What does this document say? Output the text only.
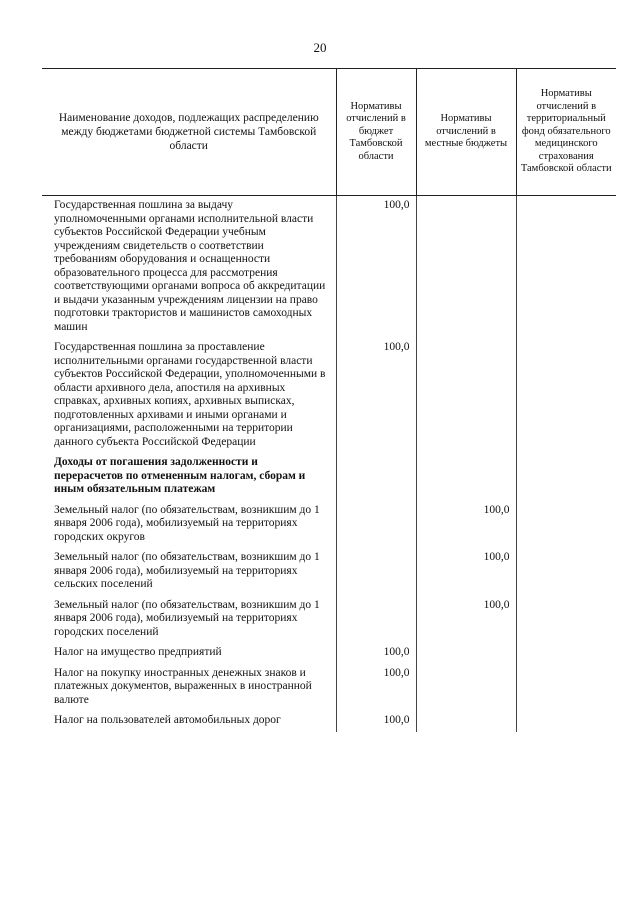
20
Наименование доходов, подлежащих распределению между бюджетами бюджетной системы Тамбовской области	Нормативы отчислений в бюджет Тамбовской области	Нормативы отчислений в местные бюджеты	Нормативы отчислений в территориальный фонд обязательного медицинского страхования Тамбовской области
Государственная пошлина за выдачу уполномоченными органами исполнительной власти субъектов Российской Федерации учебным учреждениям свидетельств о соответствии требованиям оборудования и оснащенности образовательного процесса для рассмотрения соответствующими органами вопроса об аккредитации и выдачи указанным учреждениям лицензии на право подготовки трактористов и машинистов самоходных машин	100,0		
Государственная пошлина за проставление исполнительными органами государственной власти субъектов Российской Федерации, уполномоченными в области архивного дела, апостиля на архивных справках, архивных копиях, архивных выписках, подготовленных архивами и иными органами и организациями, расположенными на территории данного субъекта Российской Федерации	100,0		
Доходы от погашения задолженности и перерасчетов по отмененным налогам, сборам и иным обязательным платежам			
Земельный налог (по обязательствам, возникшим до 1 января 2006 года), мобилизуемый на территориях городских округов		100,0	
Земельный налог (по обязательствам, возникшим до 1 января 2006 года), мобилизуемый на территориях сельских поселений		100,0	
Земельный налог (по обязательствам, возникшим до 1 января 2006 года), мобилизуемый на территориях городских поселений		100,0	
Налог на имущество предприятий	100,0		
Налог на покупку иностранных денежных знаков и платежных документов, выраженных в иностранной валюте	100,0		
Налог на пользователей автомобильных дорог	100,0		
